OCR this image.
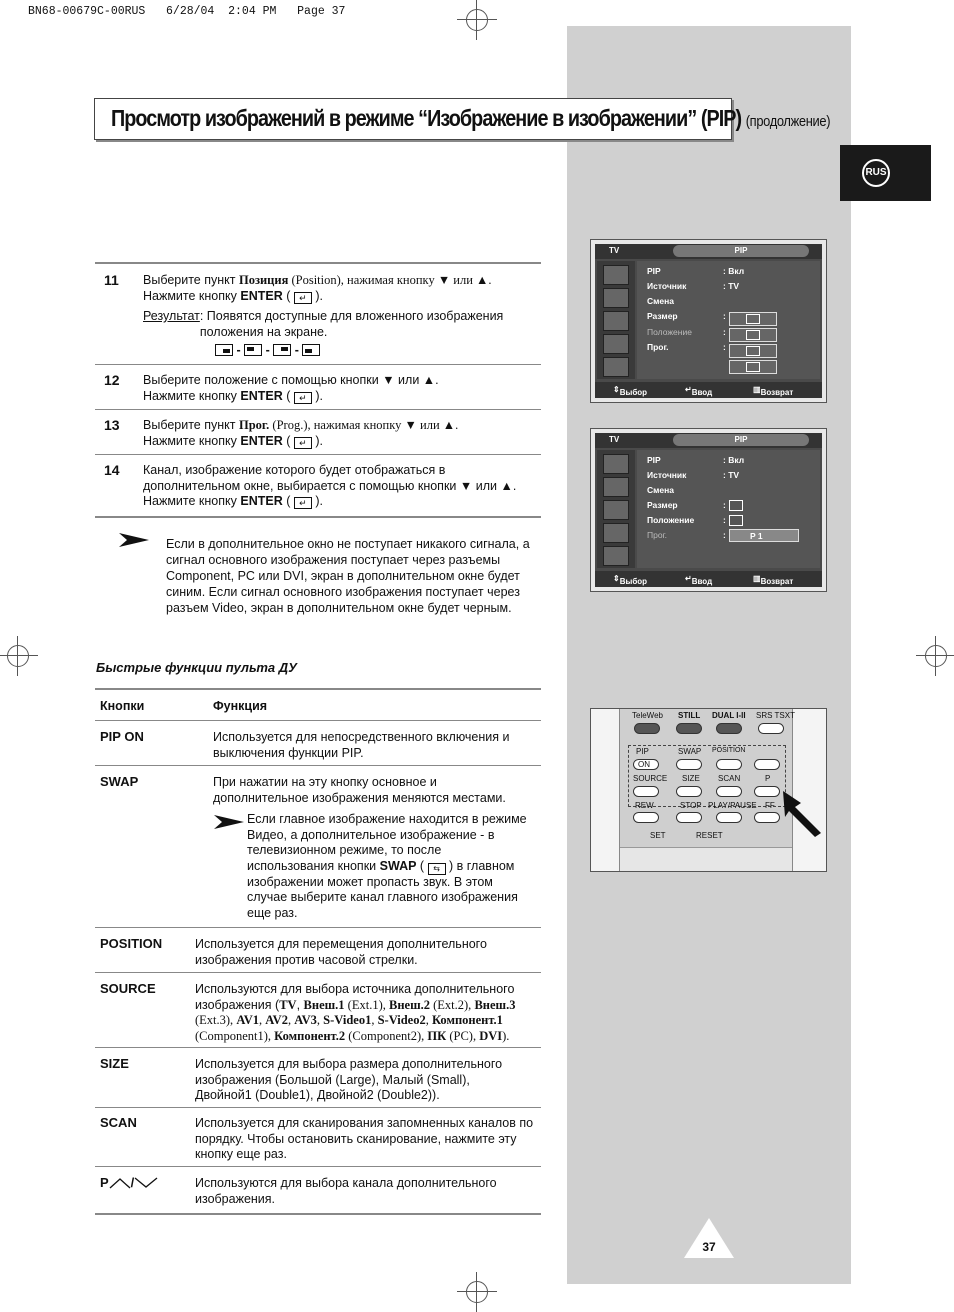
BN68-00679C-00RUS   6/28/04  2:04 PM   Page 37
Просмотр изображений в режиме “Изображение в изображении” (PIP) (продолжение)
RUS
11 Выберите пункт Позиция (Position), нажимая кнопку ▼ или ▲.
Нажмите кнопку ENTER ( ↵ ).
Результат : Появятся доступные для вложенного изображения положения на экране.
- - -
12 Выберите положение с помощью кнопки ▼ или ▲.
Нажмите кнопку ENTER ( ↵ ).
13 Выберите пункт Прог. (Prog.), нажимая кнопку ▼ или ▲.
Нажмите кнопку ENTER ( ↵ ).
14 Канал, изображение которого будет отображаться в
дополнительном окне, выбирается с помощью кнопки ▼ или ▲.
Нажмите кнопку ENTER ( ↵ ).
Если в дополнительное окно не поступает никакого сигнала, а сигнал основного изображения поступает через разъемы Component, PC или DVI, экран в дополнительном окне будет синим. Если сигнал основного изображения поступает через разъем Video, экран в дополнительном окне будет черным.
Быстрые функции пульта ДУ
Кнопки	Функция
PIP ON	Используется для непосредственного включения и выключения функции PIP.
SWAP	При нажатии на эту кнопку основное и дополнительное изображения меняются местами.
Если главное изображение находится в режиме Видео, а дополнительное изображение - в телевизионном режиме, то после использования кнопки SWAP ( ⇆ ) в главном изображении может пропасть звук. В этом случае выберите канал главного изображения еще раз.
POSITION	Используется для перемещения дополнительного изображения против часовой стрелки.
SOURCE	Используются для выбора источника дополнительного
изображения (TV, Внеш.1 (Ext.1), Внеш.2 (Ext.2), Внеш.3
(Ext.3), AV1, AV2, AV3, S-Video1, S-Video2, Компонент.1
(Component1), Компонент.2 (Component2), ПК (PC), DVI).
SIZE	Используется для выбора размера дополнительного изображения (Большой (Large), Малый (Small), Двойной1 (Double1), Двойной2 (Double2)).
SCAN	Используется для сканирования запомненных каналов по порядку. Чтобы остановить сканирование, нажмите эту кнопку еще раз.
P /	Используются для выбора канала дополнительного изображения.
TV	PIP
PIP	: Вкл
Источник	: TV
Смена
Размер	:
Положение	:
Прог.	:
⇕ Выбор	↵ Ввод	▥ Возврат
TV	PIP
PIP	: Вкл
Источник	: TV
Смена
Размер	:
Положение	:
Прог.	:	P 1
⇕ Выбор	↵ Ввод	▥ Возврат
TeleWeb STILL DUAL I-II SRS TSXT
PIP	SWAP POSITION
ON
SOURCE SIZE SCAN	P
REW	STOP PLAY/PAUSE FF
SET	RESET
37
